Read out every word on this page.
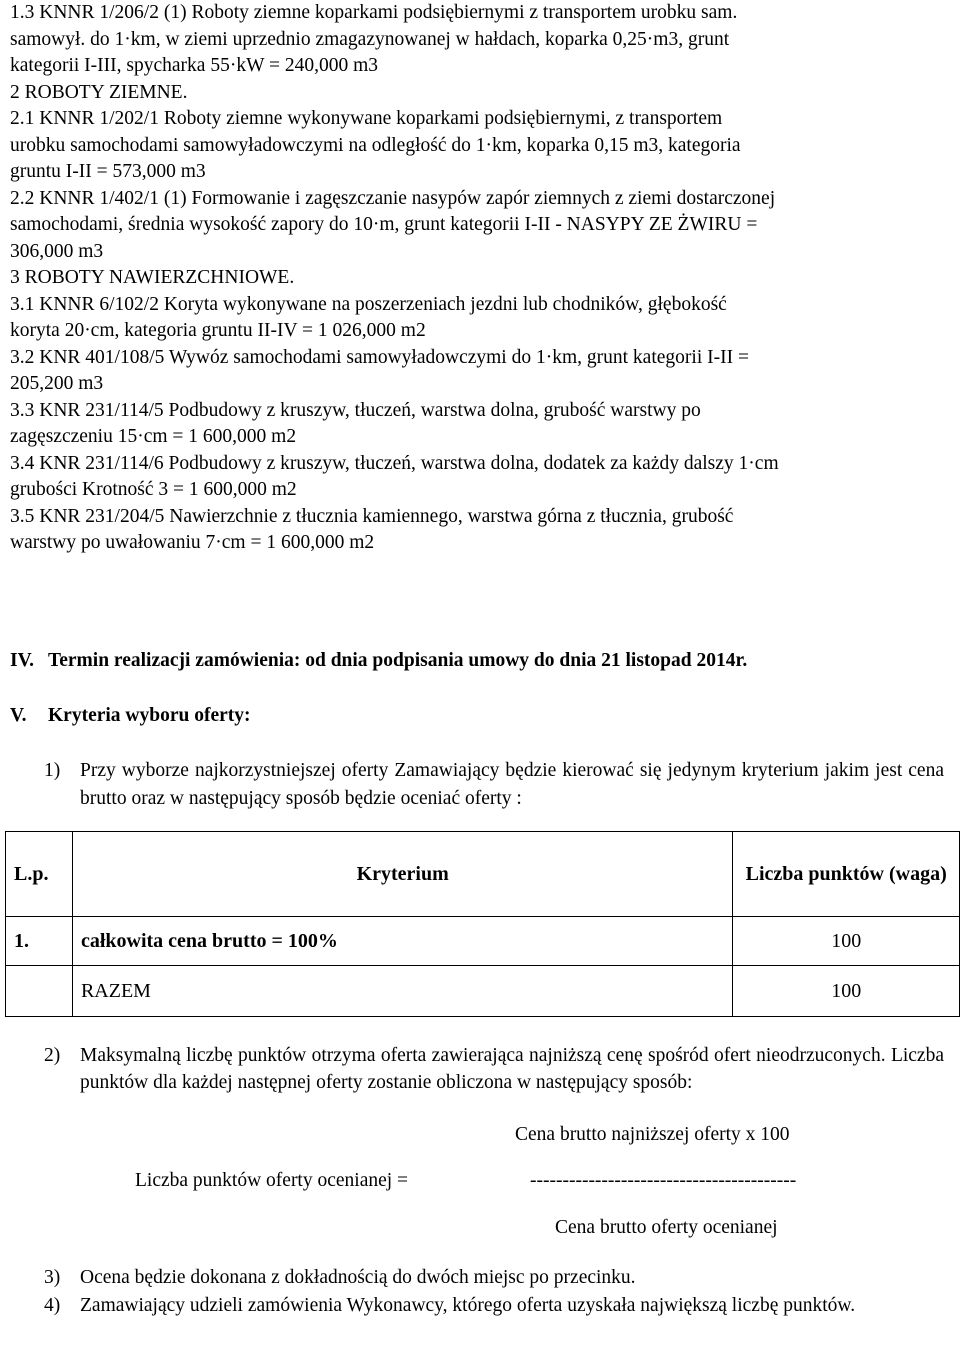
1.3 KNNR 1/206/2 (1) Roboty ziemne koparkami podsiębiernymi z transportem urobku sam.
samowył. do 1·km, w ziemi uprzednio zmagazynowanej w hałdach, koparka 0,25·m3, grunt
kategorii I-III, spycharka 55·kW = 240,000 m3
2 ROBOTY ZIEMNE.
2.1 KNNR 1/202/1 Roboty ziemne wykonywane koparkami podsiębiernymi, z transportem
urobku samochodami samowyładowczymi na odległość do 1·km, koparka 0,15 m3, kategoria
gruntu I-II = 573,000 m3
2.2 KNNR 1/402/1 (1) Formowanie i zagęszczanie nasypów zapór ziemnych z ziemi dostarczonej
samochodami, średnia wysokość zapory do 10·m, grunt kategorii I-II - NASYPY ZE ŻWIRU =
306,000 m3
3 ROBOTY NAWIERZCHNIOWE.
3.1 KNNR 6/102/2 Koryta wykonywane na poszerzeniach jezdni lub chodników, głębokość
koryta 20·cm, kategoria gruntu II-IV = 1 026,000 m2
3.2 KNR 401/108/5 Wywóz samochodami samowyładowczymi do 1·km, grunt kategorii I-II =
205,200 m3
3.3 KNR 231/114/5 Podbudowy z kruszyw, tłuczeń, warstwa dolna, grubość warstwy po
zagęszczeniu 15·cm = 1 600,000 m2
3.4 KNR 231/114/6 Podbudowy z kruszyw, tłuczeń, warstwa dolna, dodatek za każdy dalszy 1·cm
grubości Krotność 3 = 1 600,000 m2
3.5 KNR 231/204/5 Nawierzchnie z tłucznia kamiennego, warstwa górna z tłucznia, grubość
warstwy po uwałowaniu 7·cm = 1 600,000 m2
IV. Termin realizacji zamówienia: od dnia podpisania umowy do dnia 21 listopad 2014r.
V. Kryteria wyboru oferty:
1) Przy wyborze najkorzystniejszej oferty Zamawiający będzie kierować się jedynym kryterium jakim jest cena brutto oraz w następujący sposób będzie oceniać oferty :
L.p.	Kryterium	Liczba punktów (waga)
1.	całkowita cena brutto = 100%	100
	RAZEM	100
2) Maksymalną liczbę punktów otrzyma oferta zawierająca najniższą cenę spośród ofert nieodrzuconych. Liczba punktów dla każdej następnej oferty zostanie obliczona w następujący sposób:
Cena brutto najniższej oferty x 100
Liczba punktów oferty ocenianej =	-----------------------------------------
Cena brutto oferty ocenianej
3) Ocena będzie dokonana z dokładnością do dwóch miejsc po przecinku.
4) Zamawiający udzieli zamówienia Wykonawcy, którego oferta uzyskała największą liczbę punktów.
